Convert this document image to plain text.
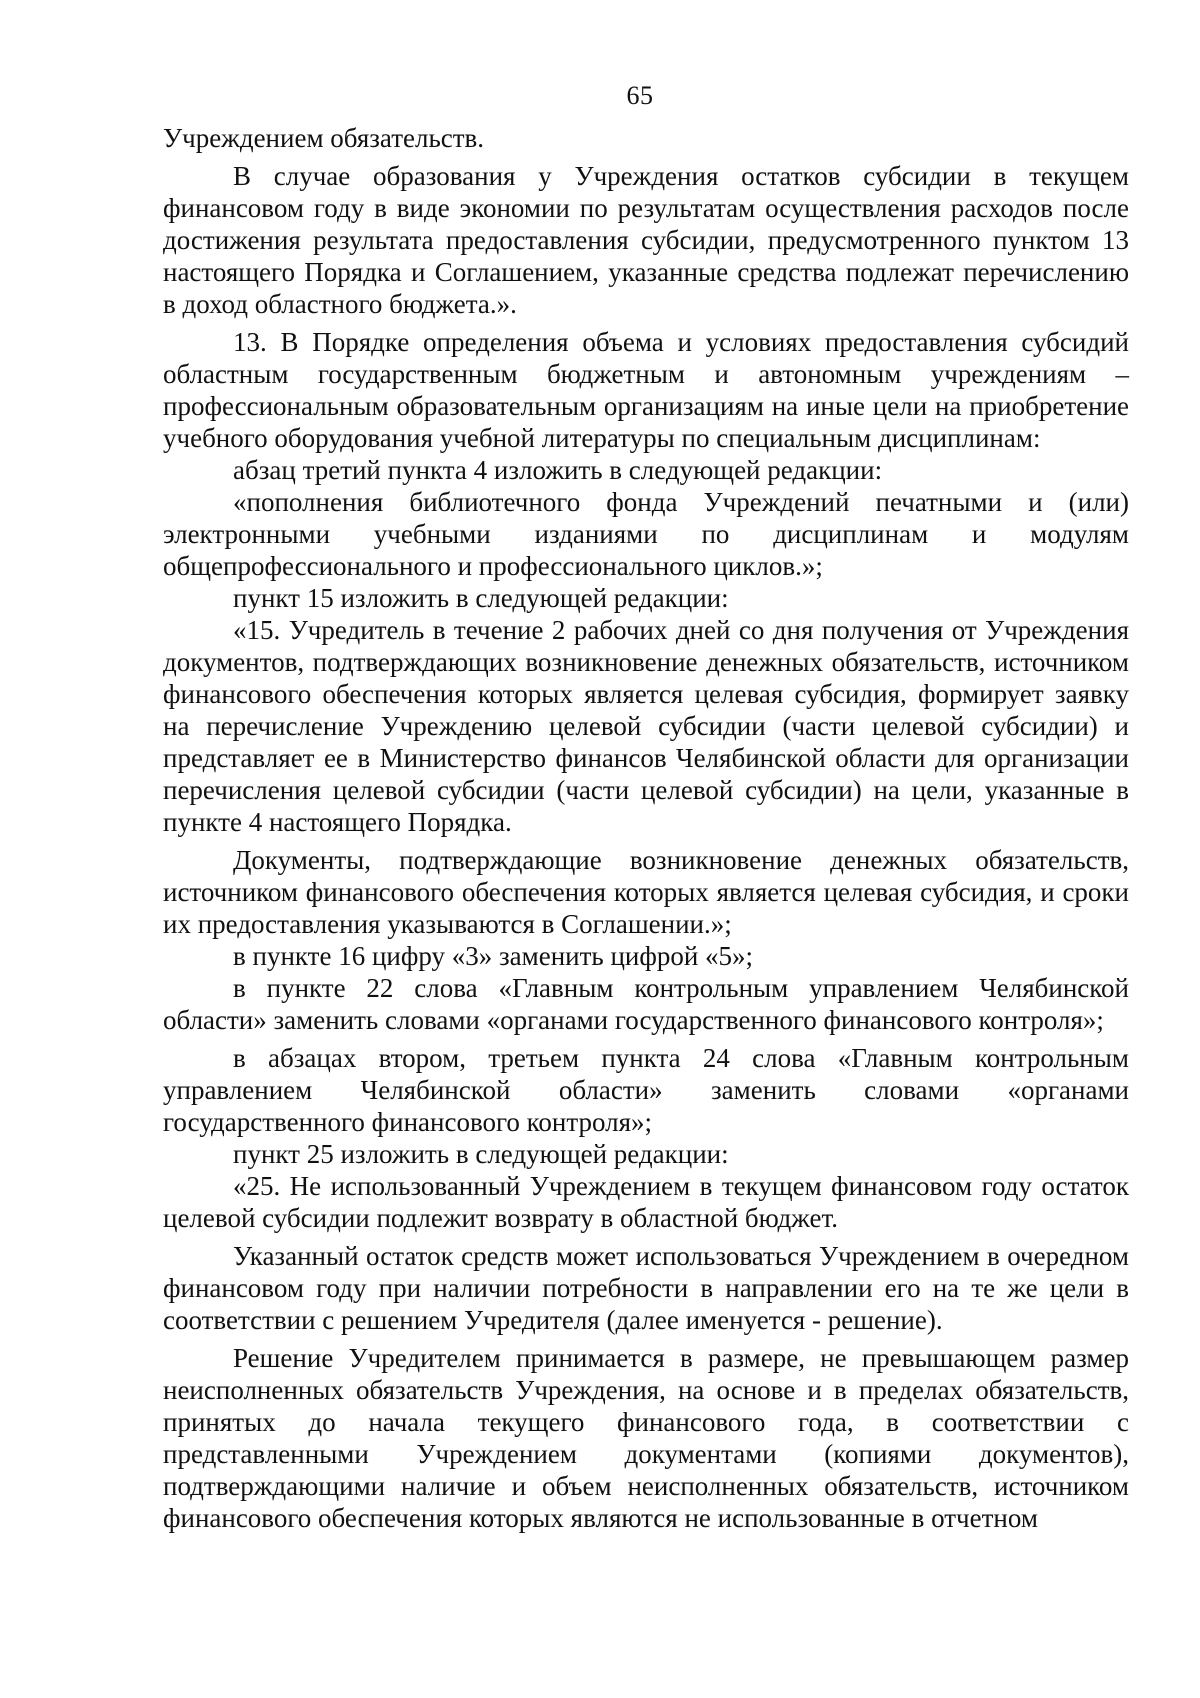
65

Учреждением обязательств.

В случае образования у Учреждения остатков субсидии в текущем финансовом году в виде экономии по результатам осуществления расходов после достижения результата предоставления субсидии, предусмотренного пунктом 13 настоящего Порядка и Соглашением, указанные средства подлежат перечислению в доход областного бюджета.».

13. В Порядке определения объема и условиях предоставления субсидий областным государственным бюджетным и автономным учреждениям – профессиональным образовательным организациям на иные цели на приобретение учебного оборудования учебной литературы по специальным дисциплинам:

абзац третий пункта 4 изложить в следующей редакции:

«пополнения библиотечного фонда Учреждений печатными и (или) электронными учебными изданиями по дисциплинам и модулям общепрофессионального и профессионального циклов.»;

пункт 15 изложить в следующей редакции:

«15. Учредитель в течение 2 рабочих дней со дня получения от Учреждения документов, подтверждающих возникновение денежных обязательств, источником финансового обеспечения которых является целевая субсидия, формирует заявку на перечисление Учреждению целевой субсидии (части целевой субсидии) и представляет ее в Министерство финансов Челябинской области для организации перечисления целевой субсидии (части целевой субсидии) на цели, указанные в пункте 4 настоящего Порядка.

Документы, подтверждающие возникновение денежных обязательств, источником финансового обеспечения которых является целевая субсидия, и сроки их предоставления указываются в Соглашении.»;

в пункте 16 цифру «3» заменить цифрой «5»;

в пункте 22 слова «Главным контрольным управлением Челябинской области» заменить словами «органами государственного финансового контроля»;

в абзацах втором, третьем пункта 24 слова «Главным контрольным управлением Челябинской области» заменить словами «органами государственного финансового контроля»;

пункт 25 изложить в следующей редакции:

«25. Не использованный Учреждением в текущем финансовом году остаток целевой субсидии подлежит возврату в областной бюджет.

Указанный остаток средств может использоваться Учреждением в очередном финансовом году при наличии потребности в направлении его на те же цели в соответствии с решением Учредителя (далее именуется - решение).

Решение Учредителем принимается в размере, не превышающем размер неисполненных обязательств Учреждения, на основе и в пределах обязательств, принятых до начала текущего финансового года, в соответствии с представленными Учреждением документами (копиями документов), подтверждающими наличие и объем неисполненных обязательств, источником финансового обеспечения которых являются не использованные в отчетном
